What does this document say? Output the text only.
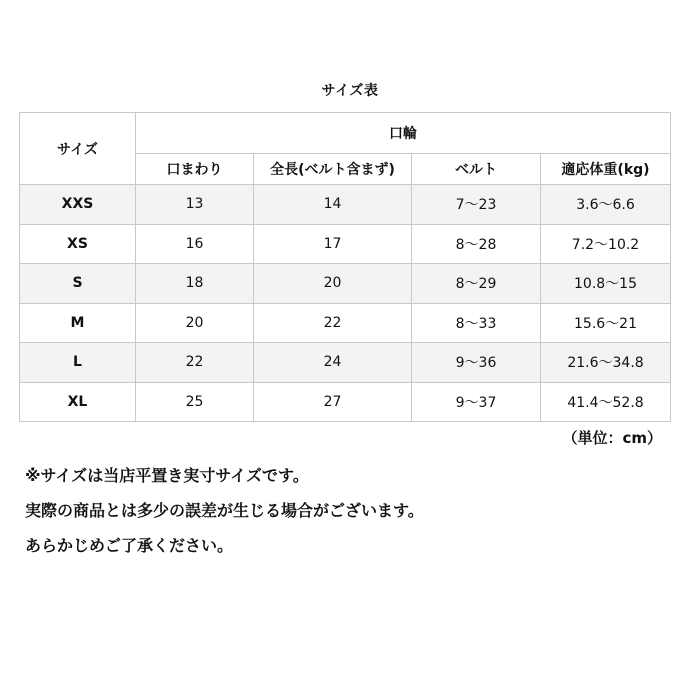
サイズ表
サイズ	口輪			
	口まわり	全長(ベルト含まず)	ベルト	適応体重(kg)
XXS	13	14	7～23	3.6～6.6
XS	16	17	8～28	7.2～10.2
S	18	20	8～29	10.8～15
M	20	22	8～33	15.6～21
L	22	24	9～36	21.6～34.8
XL	25	27	9～37	41.4～52.8
（単位：cm）
※サイズは当店平置き実寸サイズです。
実際の商品とは多少の誤差が生じる場合がございます。
あらかじめご了承ください。
